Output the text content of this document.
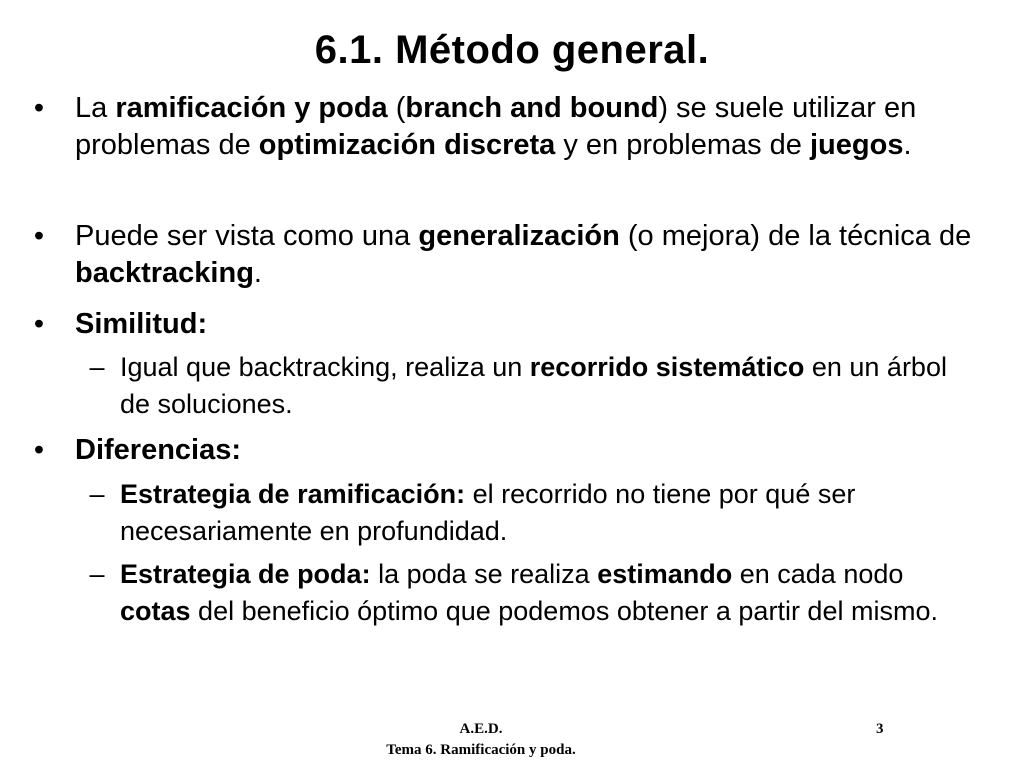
6.1. Método general.
• La ramificación y poda (branch and bound) se suele utilizar en problemas de optimización discreta y en problemas de juegos.
• Puede ser vista como una generalización (o mejora) de la técnica de backtracking.
• Similitud:
– Igual que backtracking, realiza un recorrido sistemático en un árbol de soluciones.
• Diferencias:
– Estrategia de ramificación: el recorrido no tiene por qué ser necesariamente en profundidad.
– Estrategia de poda: la poda se realiza estimando en cada nodo cotas del beneficio óptimo que podemos obtener a partir del mismo.
A.E.D.
Tema 6. Ramificación y poda.
3
